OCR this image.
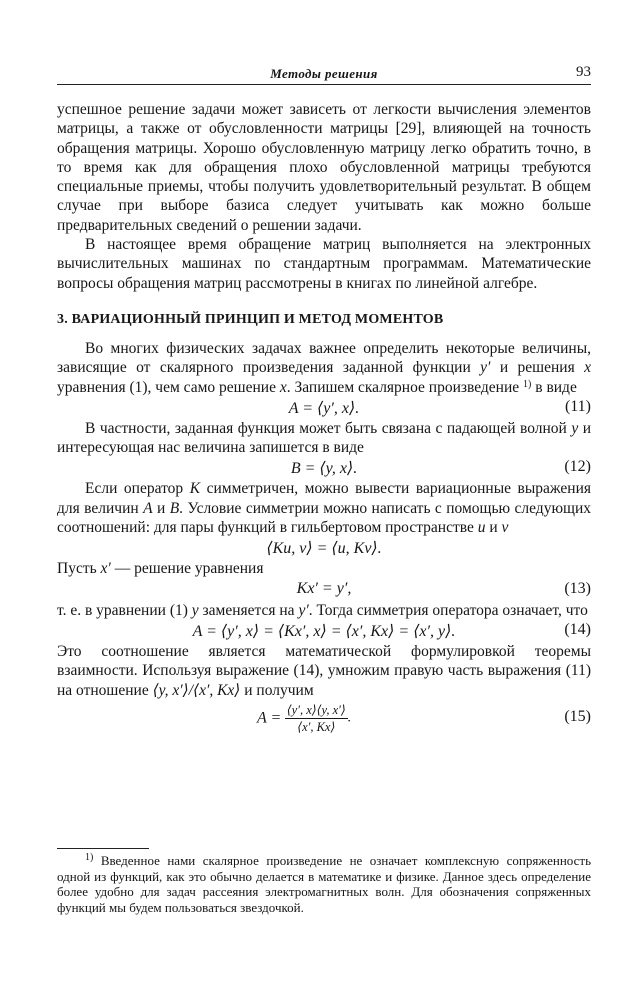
Методы решения	93

успешное решение задачи может зависеть от легкости вычисления элементов матрицы, а также от обусловленности матрицы [29], влияющей на точность обращения матрицы. Хорошо обусловленную матрицу легко обратить точно, в то время как для обращения плохо обусловленной матрицы требуются специальные приемы, чтобы получить удовлетворительный результат. В общем случае при выборе базиса следует учитывать как можно больше предварительных сведений о решении задачи.

В настоящее время обращение матриц выполняется на электронных вычислительных машинах по стандартным программам. Математические вопросы обращения матриц рассмотрены в книгах по линейной алгебре.

3. ВАРИАЦИОННЫЙ ПРИНЦИП И МЕТОД МОМЕНТОВ

Во многих физических задачах важнее определить некоторые величины, зависящие от скалярного произведения заданной функции y′ и решения x уравнения (1), чем само решение x. Запишем скалярное произведение $^{1)}$ в виде

A = ⟨y′, x⟩.	(11)

В частности, заданная функция может быть связана с падающей волной y и интересующая нас величина запишется в виде

B = ⟨y, x⟩.	(12)

Если оператор K симметричен, можно вывести вариационные выражения для величин A и B. Условие симметрии можно написать с помощью следующих соотношений: для пары функций в гильбертовом пространстве u и v

⟨Ku, v⟩ = ⟨u, Kv⟩.

Пусть x′ — решение уравнения

Kx′ = y′,	(13)

т. е. в уравнении (1) y заменяется на y′. Тогда симметрия оператора означает, что

A = ⟨y′, x⟩ = ⟨Kx′, x⟩ = ⟨x′, Kx⟩ = ⟨x′, y⟩.	(14)

Это соотношение является математической формулировкой теоремы взаимности. Используя выражение (14), умножим правую часть выражения (11) на отношение ⟨y, x′⟩/⟨x′, Kx⟩ и получим

$A = \frac{⟨y', x⟩⟨y, x'⟩}{⟨x', Kx⟩}$ .	(15)

$^{1)}$ Введенное нами скалярное произведение не означает комплексную сопряженность одной из функций, как это обычно делается в математике и физике. Данное здесь определение более удобно для задач рассеяния электромагнитных волн. Для обозначения сопряженных функций мы будем пользоваться звездочкой.
